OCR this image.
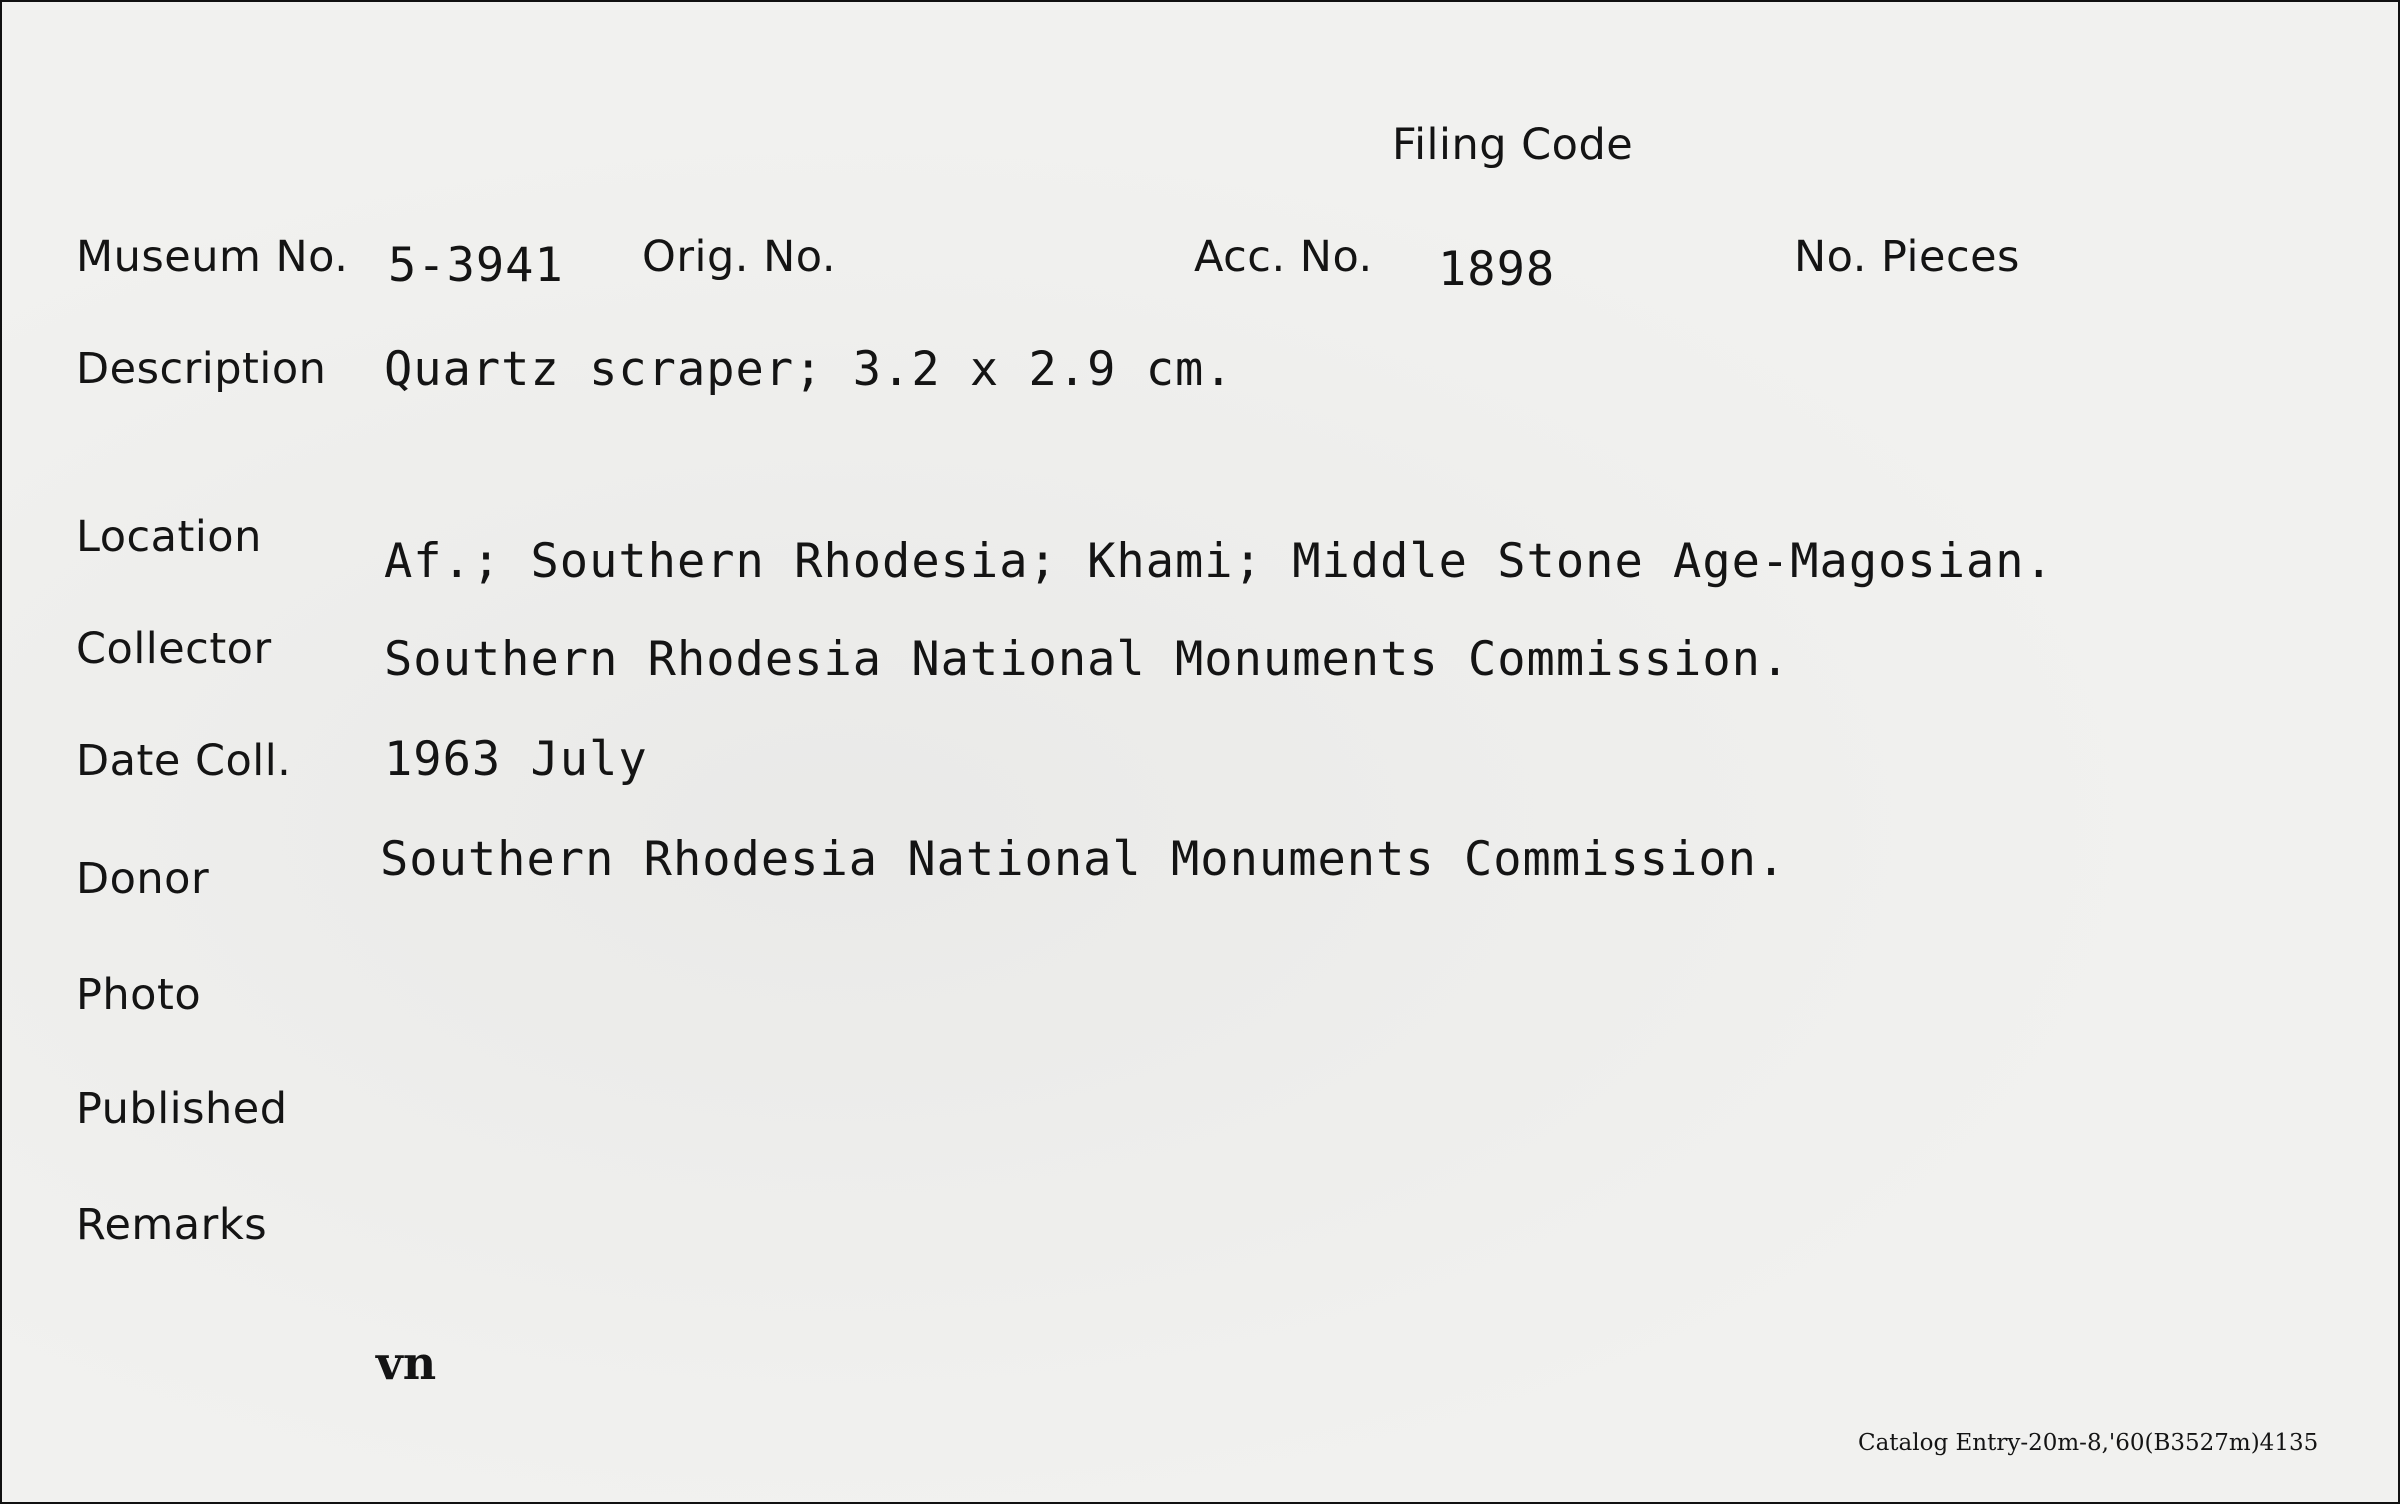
Filing Code
Museum No. 5-3941 Orig. No.	Acc. No. 1898	No. Pieces
Description Quartz scraper; 3.2 x 2.9 cm.
Location	Af.; Southern Rhodesia; Khami; Middle Stone Age-Magosian.
Collector Southern Rhodesia National Monuments Commission.
Date Coll. 1963 July
Donor	Southern Rhodesia National Monuments Commission.
Photo
Published
Remarks
vn
Catalog Entry-20m-8,'60(B3527m)4135
